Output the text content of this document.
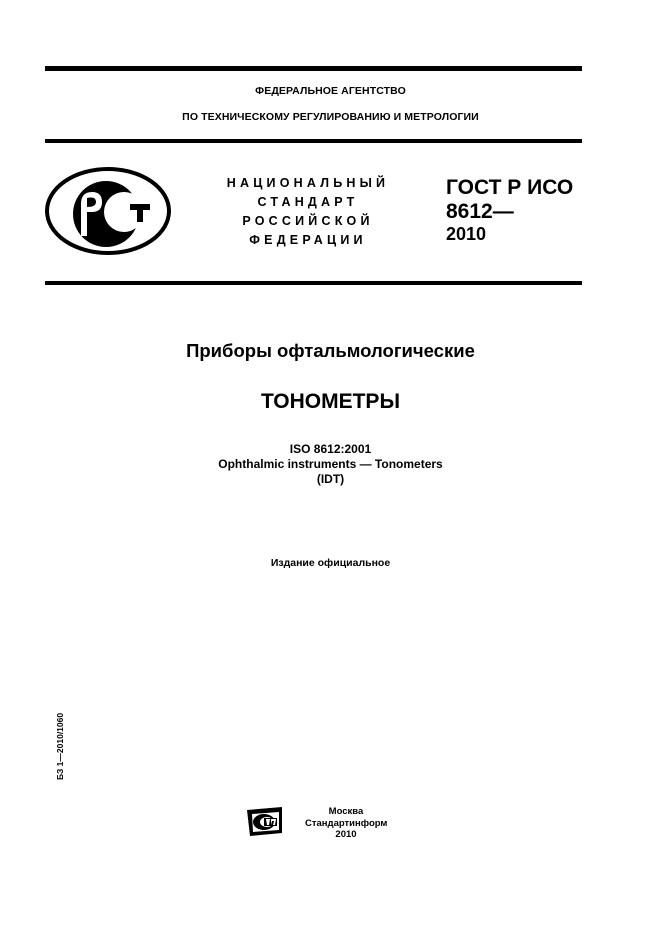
ФЕДЕРАЛЬНОЕ АГЕНТСТВО
ПО ТЕХНИЧЕСКОМУ РЕГУЛИРОВАНИЮ И МЕТРОЛОГИИ
НАЦИОНАЛЬНЫЙ
СТАНДАРТ
РОССИЙСКОЙ
ФЕДЕРАЦИИ
ГОСТ Р ИСО
8612—
2010
Приборы офтальмологические
ТОНОМЕТРЫ
ISO 8612:2001
Ophthalmic instruments — Tonometers
(IDT)
Издание официальное
БЗ 1—2010/1060
Москва
Стандартинформ
2010
